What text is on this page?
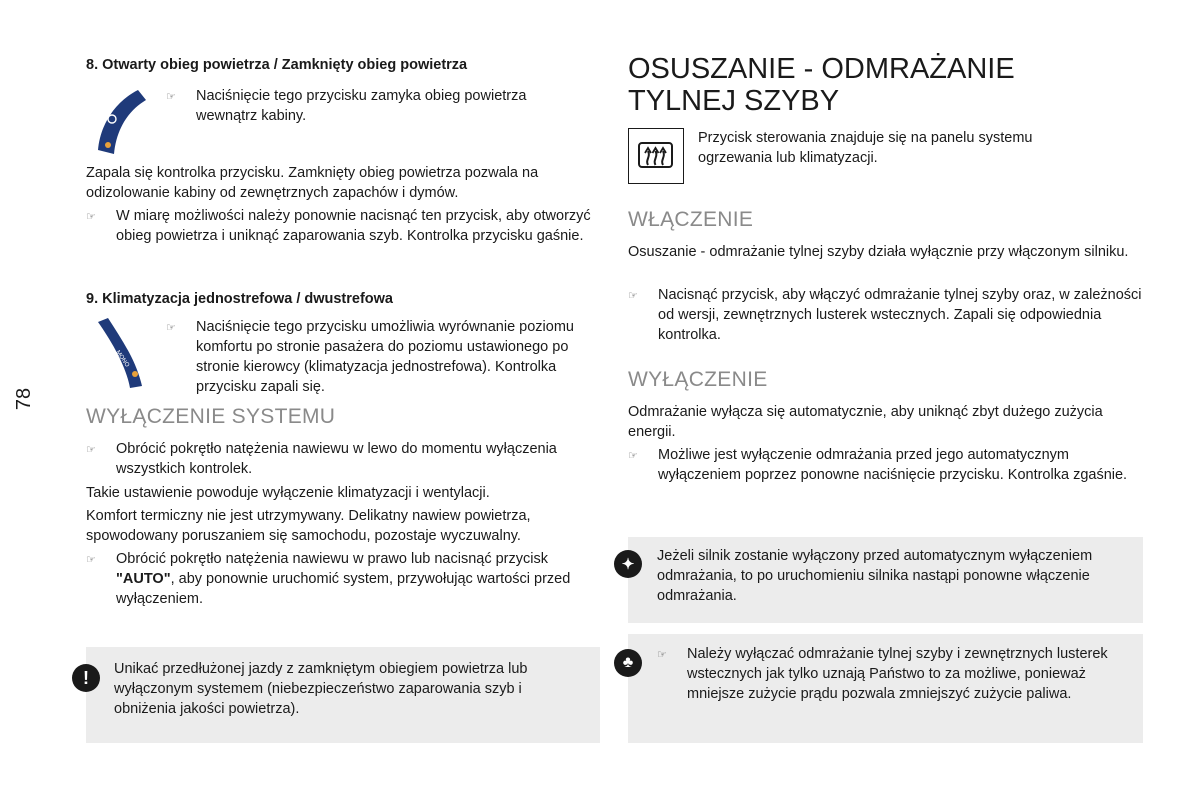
78
8. Otwarty obieg powietrza / Zamknięty obieg powietrza
☞	Naciśnięcie tego przycisku zamyka obieg powietrza wewnątrz kabiny.

Zapala się kontrolka przycisku. Zamknięty obieg powietrza pozwala na odizolowanie kabiny od zewnętrznych zapachów i dymów.

☞	W miarę możliwości należy ponownie nacisnąć ten przycisk, aby otworzyć obieg powietrza i uniknąć zaparowania szyb. Kontrolka przycisku gaśnie.
9. Klimatyzacja jednostrefowa / dwustrefowa
MONO
☞	Naciśnięcie tego przycisku umożliwia wyrównanie poziomu komfortu po stronie pasażera do poziomu ustawionego po stronie kierowcy (klimatyzacja jednostrefowa). Kontrolka przycisku zapali się.
WYŁĄCZENIE SYSTEMU
☞	Obrócić pokrętło natężenia nawiewu w lewo do momentu wyłączenia wszystkich kontrolek.

Takie ustawienie powoduje wyłączenie klimatyzacji i wentylacji.

Komfort termiczny nie jest utrzymywany. Delikatny nawiew powietrza, spowodowany poruszaniem się samochodu, pozostaje wyczuwalny.

☞	Obrócić pokrętło natężenia nawiewu w prawo lub nacisnąć przycisk "AUTO", aby ponownie uruchomić system, przywołując wartości przed wyłączeniem.
!	Unikać przedłużonej jazdy z zamkniętym obiegiem powietrza lub wyłączonym systemem (niebezpieczeństwo zaparowania szyb i obniżenia jakości powietrza).

OSUSZANIE - ODMRAŻANIE
TYLNEJ SZYBY

Przycisk sterowania znajduje się na panelu systemu ogrzewania lub klimatyzacji.

WŁĄCZENIE

Osuszanie - odmrażanie tylnej szyby działa wyłącznie przy włączonym silniku.

☞	Nacisnąć przycisk, aby włączyć odmrażanie tylnej szyby oraz, w zależności od wersji, zewnętrznych lusterek wstecznych. Zapali się odpowiednia kontrolka.
WYŁĄCZENIE

Odmrażanie wyłącza się automatycznie, aby uniknąć zbyt dużego zużycia energii.

☞	Możliwe jest wyłączenie odmrażania przed jego automatycznym wyłączeniem poprzez ponowne naciśnięcie przycisku. Kontrolka zgaśnie.
✦	Jeżeli silnik zostanie wyłączony przed automatycznym wyłączeniem odmrażania, to po uruchomieniu silnika nastąpi ponowne włączenie odmrażania.

♣	☞	Należy wyłączać odmrażanie tylnej szyby i zewnętrznych lusterek wstecznych jak tylko uznają Państwo to za możliwe, ponieważ mniejsze zużycie prądu pozwala zmniejszyć zużycie paliwa.
